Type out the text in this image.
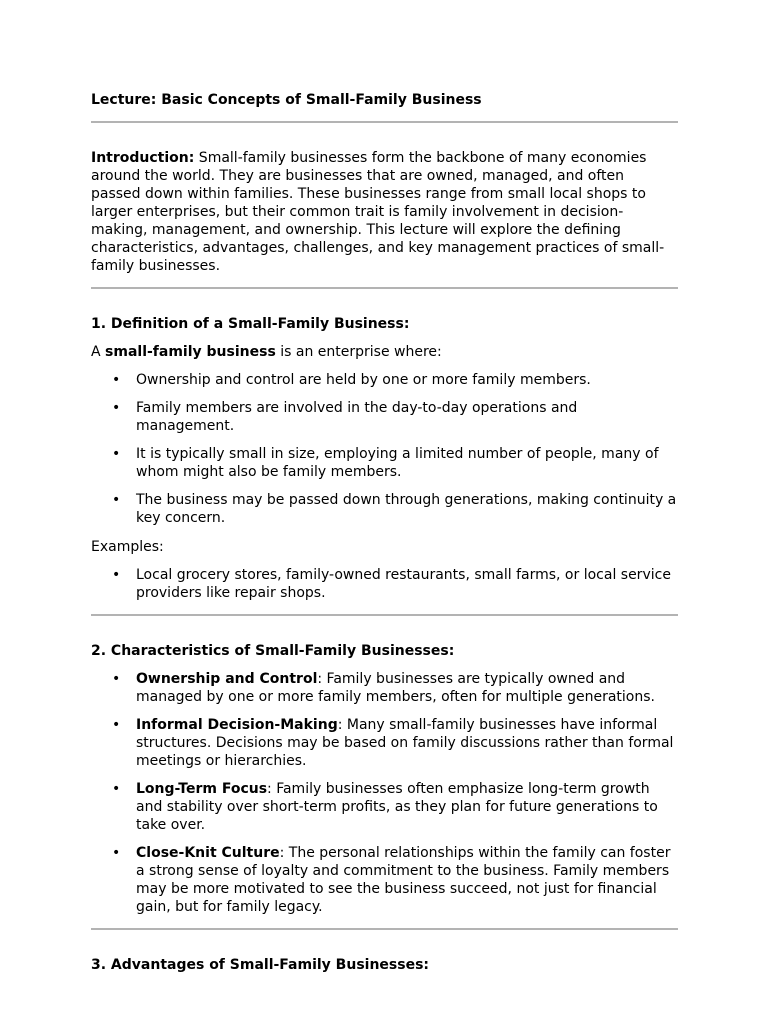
Lecture: Basic Concepts of Small-Family Business

Introduction: Small-family businesses form the backbone of many economies around the world. They are businesses that are owned, managed, and often passed down within families. These businesses range from small local shops to larger enterprises, but their common trait is family involvement in decision-making, management, and ownership. This lecture will explore the defining characteristics, advantages, challenges, and key management practices of small-family businesses.

1. Definition of a Small-Family Business:

A small-family business is an enterprise where:

• Ownership and control are held by one or more family members.
• Family members are involved in the day-to-day operations and management.
• It is typically small in size, employing a limited number of people, many of whom might also be family members.
• The business may be passed down through generations, making continuity a key concern.

Examples:

• Local grocery stores, family-owned restaurants, small farms, or local service providers like repair shops.

2. Characteristics of Small-Family Businesses:

• Ownership and Control: Family businesses are typically owned and managed by one or more family members, often for multiple generations.
• Informal Decision-Making: Many small-family businesses have informal structures. Decisions may be based on family discussions rather than formal meetings or hierarchies.
• Long-Term Focus: Family businesses often emphasize long-term growth and stability over short-term profits, as they plan for future generations to take over.
• Close-Knit Culture: The personal relationships within the family can foster a strong sense of loyalty and commitment to the business. Family members may be more motivated to see the business succeed, not just for financial gain, but for family legacy.

3. Advantages of Small-Family Businesses:
